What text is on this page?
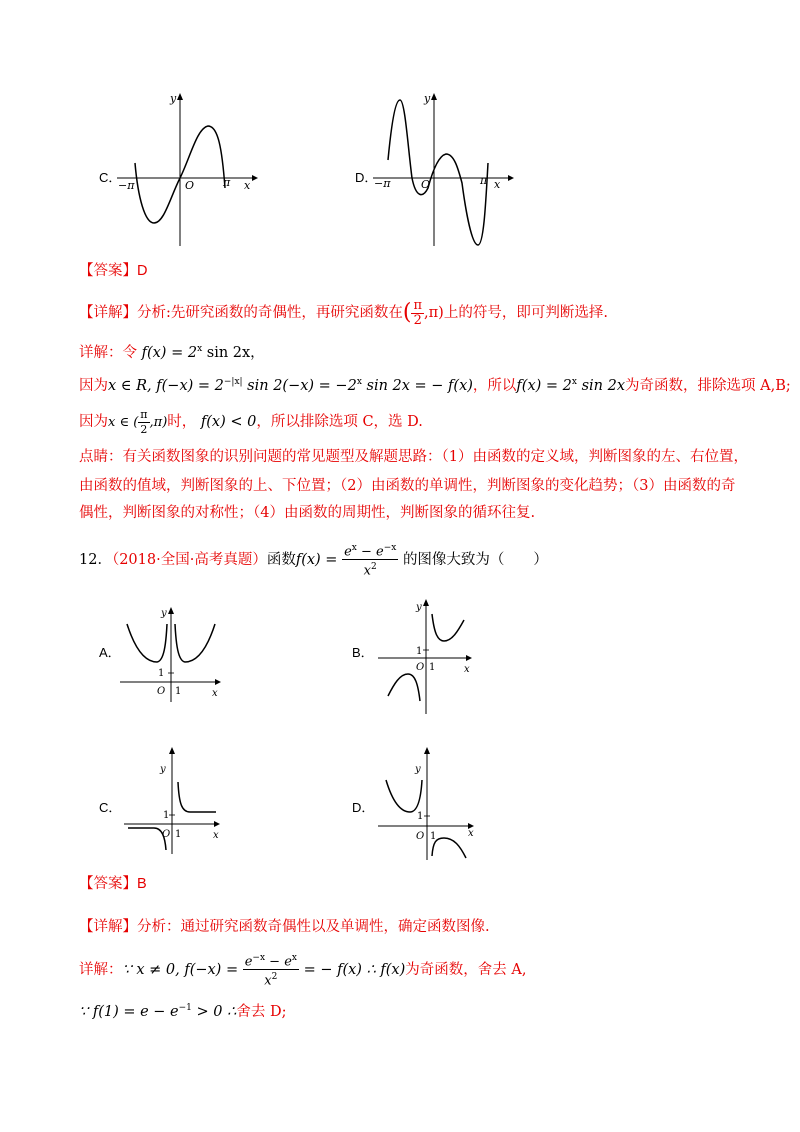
C．
−π	O	π x
y
D．
−π	O	π x
y
【答案】D
【详解】分析:先研究函数的奇偶性，再研究函数在( $\frac{\pi}{2} ,\pi$)上的符号，即可判断选择.
详解：令 $f(x) = 2^x$ sin 2x，
因为x ∈ R, $f(-x) = 2^{-|x|}$ $\sin 2(-x) = -2^x$ sin 2x = − f(x)，所以$f(x) = 2^x$ sin 2x为奇函数，排除选项 A,B;
因为x ∈ ( $\frac{\pi}{2} ,\pi$)时， f(x) < 0，所以排除选项 C，选 D.
点睛：有关函数图象的识别问题的常见题型及解题思路：（1）由函数的定义域，判断图象的左、右位置，
由函数的值域，判断图象的上、下位置；（2）由函数的单调性，判断图象的变化趋势；（3）由函数的奇
偶性，判断图象的对称性；（4）由函数的周期性，判断图象的循环往复.
12．（2018·全国·高考真题）函数$f(x) = \frac{e^x - e^{-x}}{x^2}$ 的图像大致为（　　）
A．
1
O 1	x
y
B．	1
O 1	x
y
C．
1
O 1	x
y
D．
1
O 1	x
y
【答案】B
【详解】分析：通过研究函数奇偶性以及单调性，确定函数图像.
详解：∵ x ≠ 0, $f(-x) = \frac{e^{-x} - e^x}{x^2}$ = − f(x) ∴ f(x)为奇函数，舍去 A,
∵ $f(1) = e - e^{-1} > 0$ ∴舍去 D;
